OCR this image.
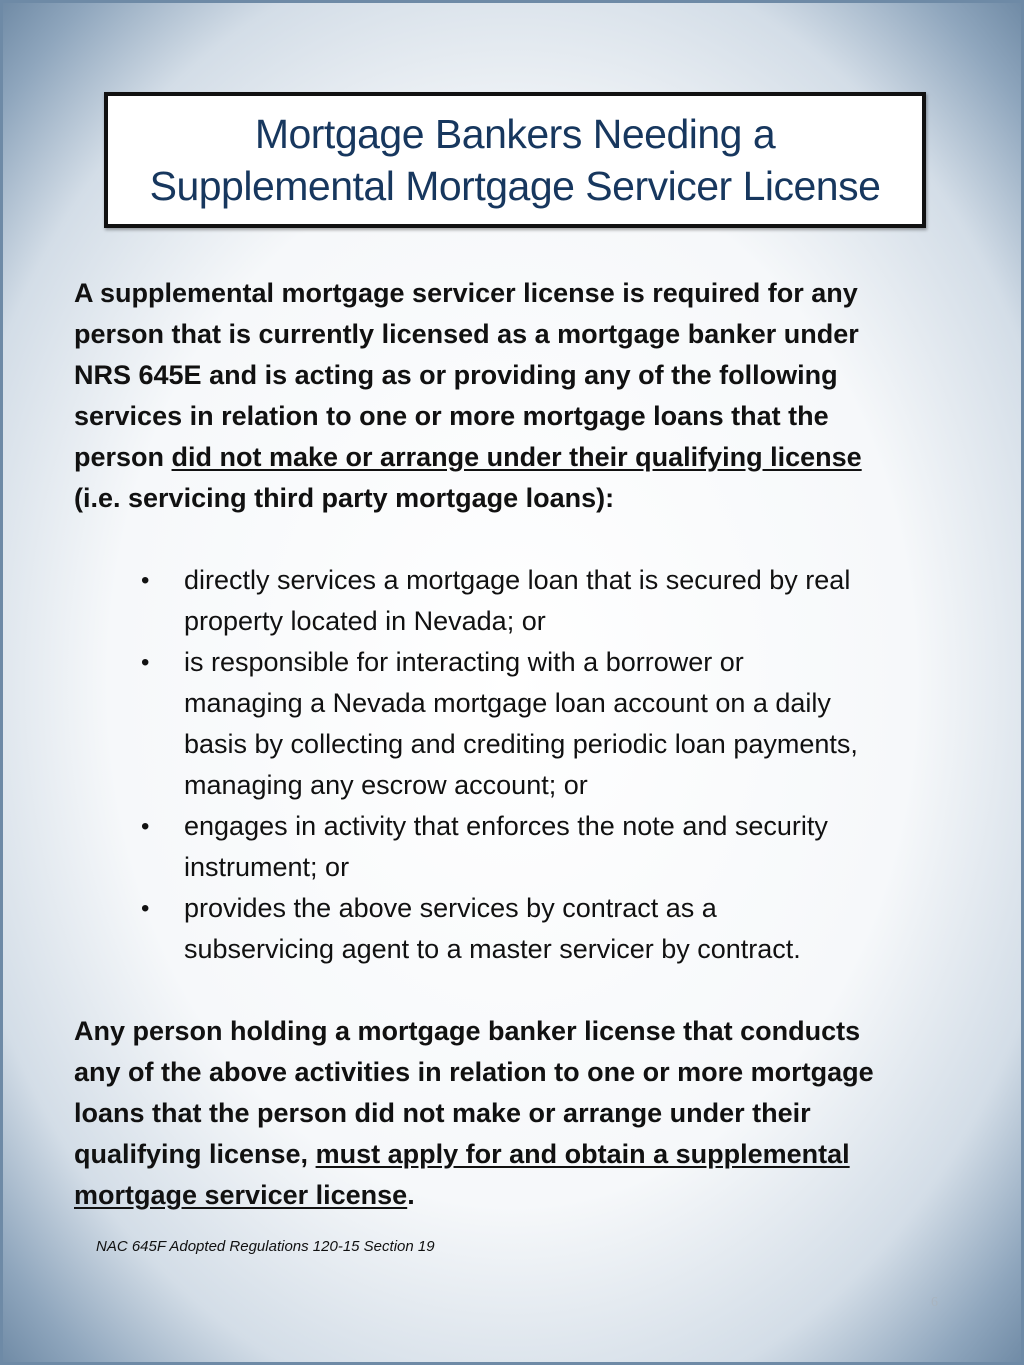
Mortgage Bankers Needing a
Supplemental Mortgage Servicer License
A supplemental mortgage servicer license is required for any
person that is currently licensed as a mortgage banker under
NRS 645E and is acting as or providing any of the following
services in relation to one or more mortgage loans that the
person did not make or arrange under their qualifying license
(i.e. servicing third party mortgage loans):
• directly services a mortgage loan that is secured by real
property located in Nevada; or
• is responsible for interacting with a borrower or
managing a Nevada mortgage loan account on a daily
basis by collecting and crediting periodic loan payments,
managing any escrow account; or
• engages in activity that enforces the note and security
instrument; or
• provides the above services by contract as a
subservicing agent to a master servicer by contract.
Any person holding a mortgage banker license that conducts
any of the above activities in relation to one or more mortgage
loans that the person did not make or arrange under their
qualifying license, must apply for and obtain a supplemental
mortgage servicer license.
NAC 645F Adopted Regulations 120-15 Section 19
6
